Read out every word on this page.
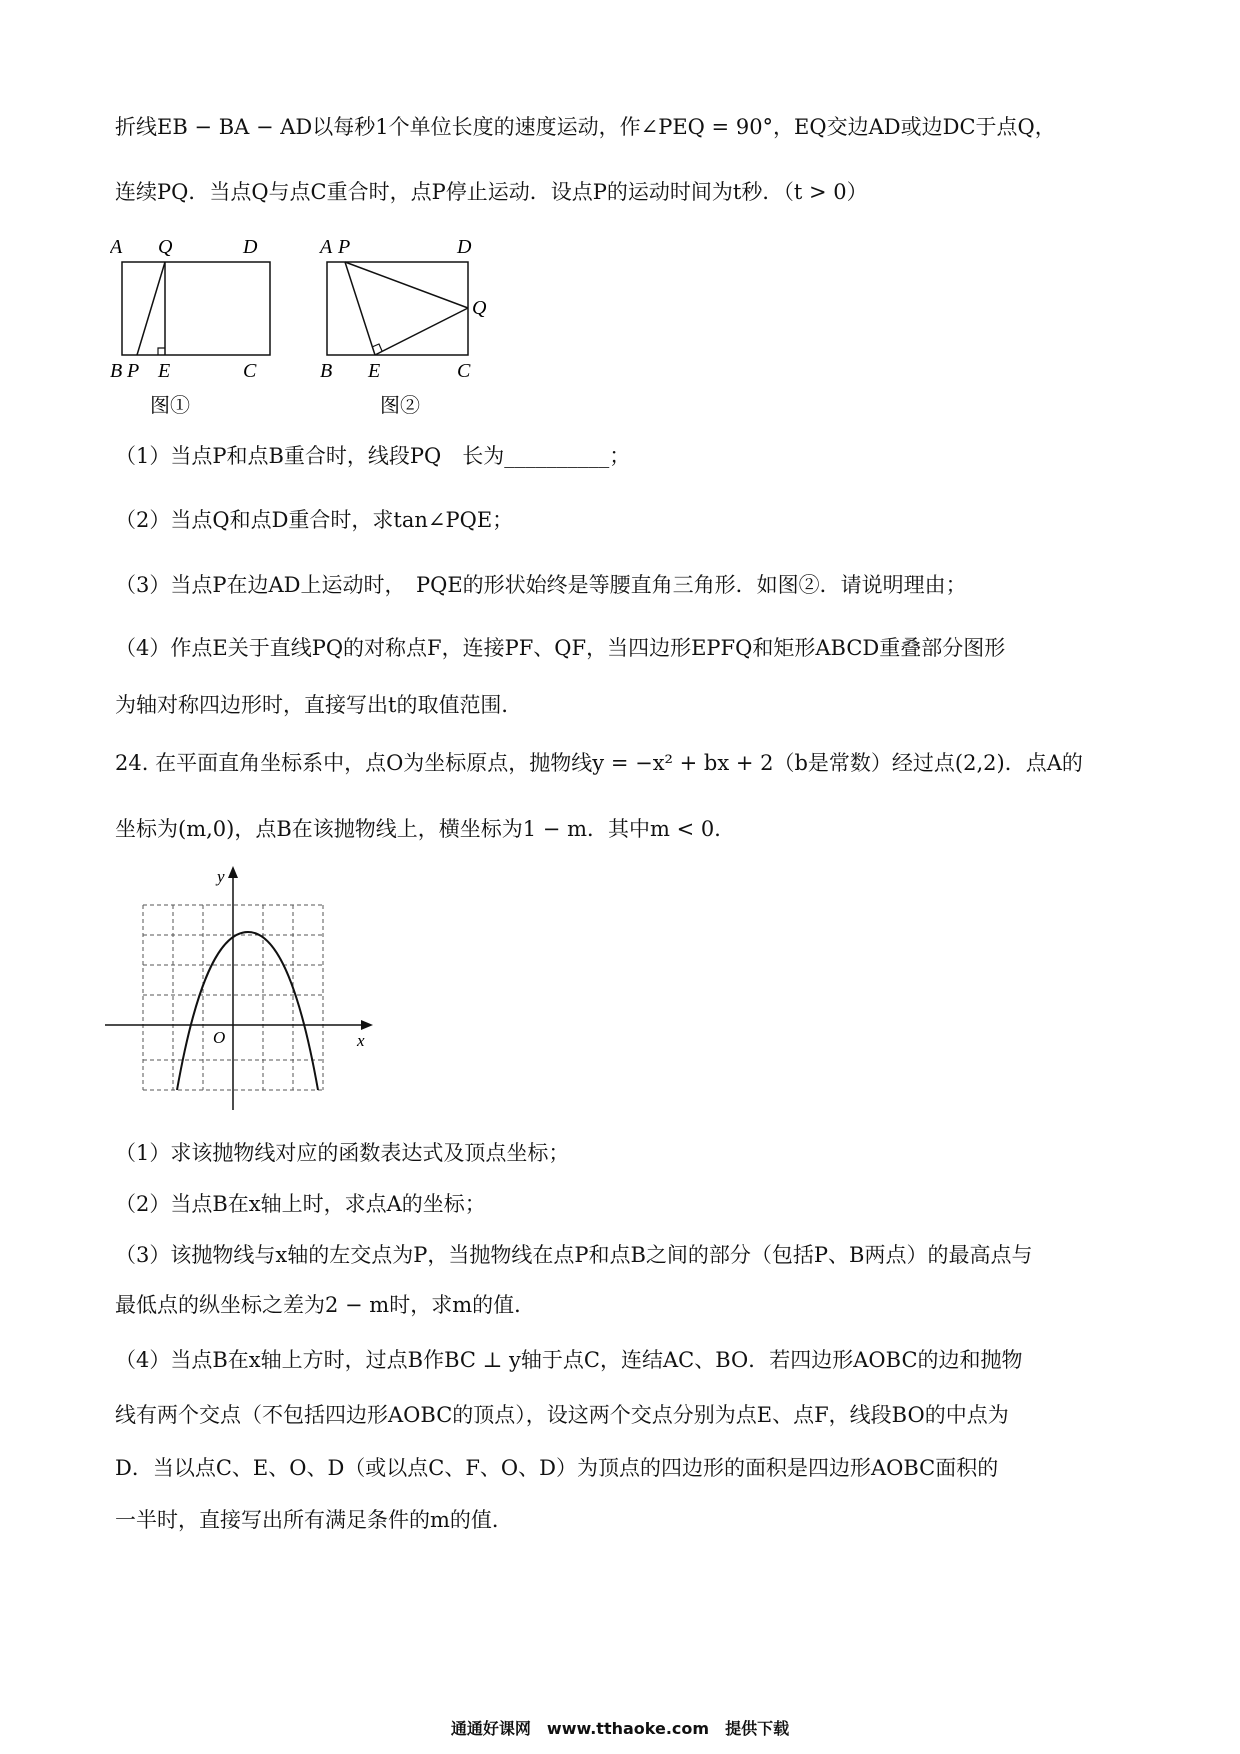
折线EB − BA − AD以每秒1个单位长度的速度运动，作∠PEQ = 90°，EQ交边AD或边DC于点Q，
连续PQ．当点Q与点C重合时，点P停止运动．设点P的运动时间为t秒．（t > 0）
A Q	D
B P E	C
图①
A P	D
Q
B E	C
图②
（1）当点P和点B重合时，线段PQ　长为__________；
（2）当点Q和点D重合时，求tan∠PQE；
（3）当点P在边AD上运动时，　PQE的形状始终是等腰直角三角形．如图②．请说明理由；
（4）作点E关于直线PQ的对称点F，连接PF、QF，当四边形EPFQ和矩形ABCD重叠部分图形
为轴对称四边形时，直接写出t的取值范围．
24. 在平面直角坐标系中，点O为坐标原点，抛物线y = −x² + bx + 2（b是常数）经过点(2,2)．点A的
坐标为(m,0)，点B在该抛物线上，横坐标为1 − m．其中m < 0．
y
x
O
（1）求该抛物线对应的函数表达式及顶点坐标；
（2）当点B在x轴上时，求点A的坐标；
（3）该抛物线与x轴的左交点为P，当抛物线在点P和点B之间的部分（包括P、B两点）的最高点与
最低点的纵坐标之差为2 − m时，求m的值．
（4）当点B在x轴上方时，过点B作BC ⊥ y轴于点C，连结AC、BO．若四边形AOBC的边和抛物
线有两个交点（不包括四边形AOBC的顶点），设这两个交点分别为点E、点F，线段BO的中点为
D．当以点C、E、O、D（或以点C、F、O、D）为顶点的四边形的面积是四边形AOBC面积的
一半时，直接写出所有满足条件的m的值．
通通好课网　www.tthaoke.com　提供下载
